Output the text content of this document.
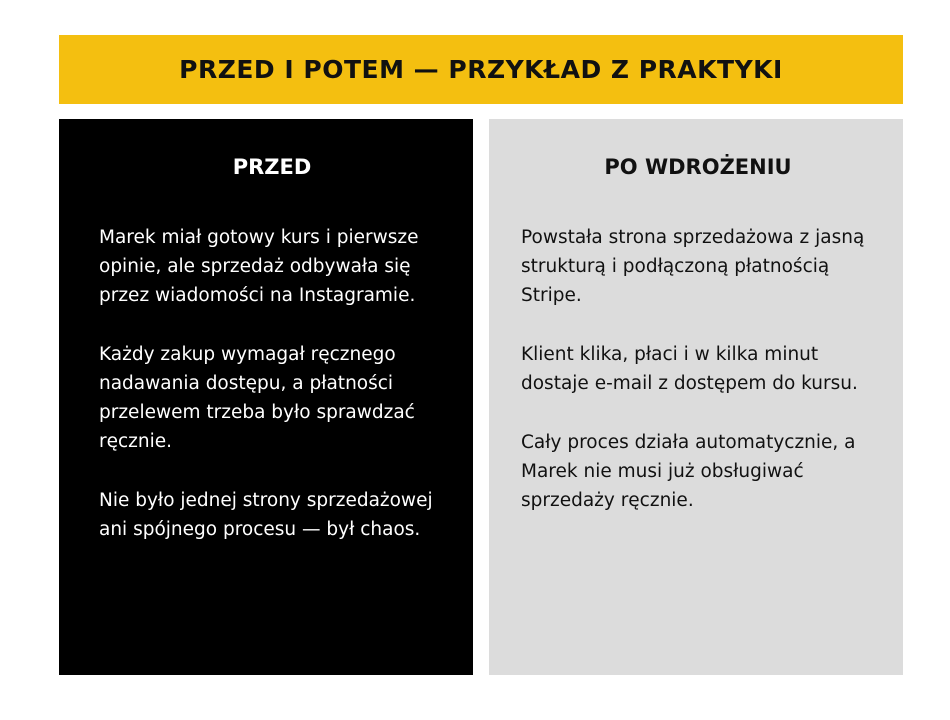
PRZED I POTEM — PRZYKŁAD Z PRAKTYKI
PRZED

Marek miał gotowy kurs i pierwsze opinie, ale sprzedaż odbywała się przez wiadomości na Instagramie.

Każdy zakup wymagał ręcznego nadawania dostępu, a płatności przelewem trzeba było sprawdzać ręcznie.

Nie było jednej strony sprzedażowej ani spójnego procesu — był chaos.

PO WDROŻENIU

Powstała strona sprzedażowa z jasną strukturą i podłączoną płatnością Stripe.

Klient klika, płaci i w kilka minut dostaje e-mail z dostępem do kursu.

Cały proces działa automatycznie, a Marek nie musi już obsługiwać sprzedaży ręcznie.
